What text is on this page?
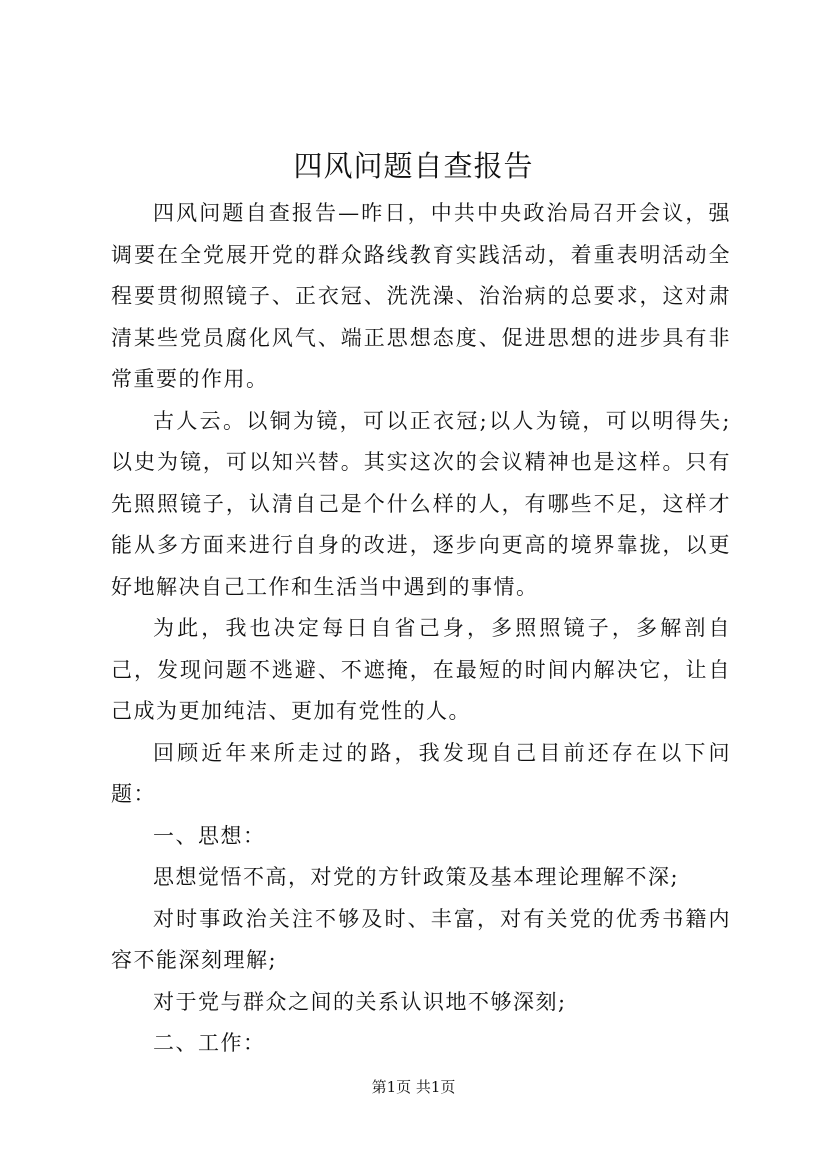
四风问题自查报告

四风问题自查报告—昨日，中共中央政治局召开会议，强调要在全党展开党的群众路线教育实践活动，着重表明活动全程要贯彻照镜子、正衣冠、洗洗澡、治治病的总要求，这对肃清某些党员腐化风气、端正思想态度、促进思想的进步具有非常重要的作用。

古人云。以铜为镜，可以正衣冠;以人为镜，可以明得失;以史为镜，可以知兴替。其实这次的会议精神也是这样。只有先照照镜子，认清自己是个什么样的人，有哪些不足，这样才能从多方面来进行自身的改进，逐步向更高的境界靠拢，以更好地解决自己工作和生活当中遇到的事情。

为此，我也决定每日自省己身，多照照镜子，多解剖自己，发现问题不逃避、不遮掩，在最短的时间内解决它，让自己成为更加纯洁、更加有党性的人。

回顾近年来所走过的路，我发现自己目前还存在以下问题：

一、思想：

思想觉悟不高，对党的方针政策及基本理论理解不深;

对时事政治关注不够及时、丰富，对有关党的优秀书籍内容不能深刻理解;

对于党与群众之间的关系认识地不够深刻;

二、工作：

第1页 共1页
